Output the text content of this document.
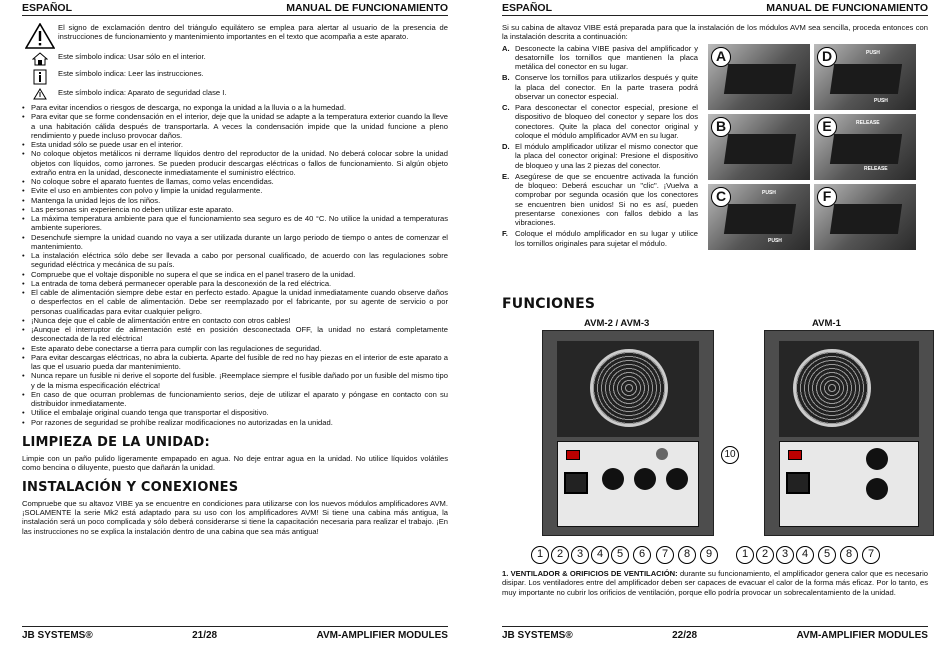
ESPAÑOL	MANUAL DE FUNCIONAMIENTO
El signo de exclamación dentro del triángulo equilátero se emplea para alertar al usuario de la presencia de instrucciones de funcionamiento y mantenimiento importantes en el texto que acompaña a este aparato.
Este símbolo indica: Usar sólo en el interior.
Este símbolo indica: Leer las instrucciones.
Este símbolo indica: Aparato de seguridad clase I.
• Para evitar incendios o riesgos de descarga, no exponga la unidad a la lluvia o a la humedad.
• Para evitar que se forme condensación en el interior, deje que la unidad se adapte a la temperatura exterior cuando la lleve a una habitación cálida después de transportarla. A veces la condensación impide que la unidad funcione a pleno rendimiento y puede incluso provocar daños.
• Esta unidad sólo se puede usar en el interior.
• No coloque objetos metálicos ni derrame líquidos dentro del reproductor de la unidad. No deberá colocar sobre la unidad objetos con líquidos, como jarrones. Se pueden producir descargas eléctricas o fallos de funcionamiento. Si algún objeto extraño entra en la unidad, desconecte inmediatamente el suministro eléctrico.
• No coloque sobre el aparato fuentes de llamas, como velas encendidas.
• Evite el uso en ambientes con polvo y limpie la unidad regularmente.
• Mantenga la unidad lejos de los niños.
• Las personas sin experiencia no deben utilizar este aparato.
• La máxima temperatura ambiente para que el funcionamiento sea seguro es de 40 °C. No utilice la unidad a temperaturas ambiente superiores.
• Desenchufe siempre la unidad cuando no vaya a ser utilizada durante un largo periodo de tiempo o antes de comenzar el mantenimiento.
• La instalación eléctrica sólo debe ser llevada a cabo por personal cualificado, de acuerdo con las regulaciones sobre seguridad eléctrica y mecánica de su país.
• Compruebe que el voltaje disponible no supera el que se indica en el panel trasero de la unidad.
• La entrada de toma deberá permanecer operable para la desconexión de la red eléctrica.
• El cable de alimentación siempre debe estar en perfecto estado. Apague la unidad inmediatamente cuando observe daños o desperfectos en el cable de alimentación. Debe ser reemplazado por el fabricante, por su agente de servicio o por personas cualificadas para evitar cualquier peligro.
• ¡Nunca deje que el cable de alimentación entre en contacto con otros cables!
• ¡Aunque el interruptor de alimentación esté en posición desconectada OFF, la unidad no estará completamente desconectada de la red eléctrica!
• Este aparato debe conectarse a tierra para cumplir con las regulaciones de seguridad.
• Para evitar descargas eléctricas, no abra la cubierta. Aparte del fusible de red no hay piezas en el interior de este aparato a las que el usuario pueda dar mantenimiento.
• Nunca repare un fusible ni derive el soporte del fusible. ¡Reemplace siempre el fusible dañado por un fusible del mismo tipo y de la misma especificación eléctrica!
• En caso de que ocurran problemas de funcionamiento serios, deje de utilizar el aparato y póngase en contacto con su distribuidor inmediatamente.
• Utilice el embalaje original cuando tenga que transportar el dispositivo.
• Por razones de seguridad se prohíbe realizar modificaciones no autorizadas en la unidad.
LIMPIEZA DE LA UNIDAD:

Limpie con un paño pulido ligeramente empapado en agua. No deje entrar agua en la unidad. No utilice líquidos volátiles como bencina o diluyente, puesto que dañarán la unidad.

INSTALACIÓN Y CONEXIONES

Compruebe que su altavoz VIBE ya se encuentre en condiciones para utilizarse con los nuevos módulos amplificadores AVM. ¡SOLAMENTE la serie Mk2 está adaptado para su uso con los amplificadores AVM! Si tiene una cabina más antigua, la instalación será un poco complicada y sólo deberá considerarse si tiene la capacitación necesaria para realizar el trabajo. ¡En las instrucciones no se explica la instalación dentro de una cabina que sea más antigua!

JB SYSTEMS®	21/28	AVM-AMPLIFIER MODULES
ESPAÑOL	MANUAL DE FUNCIONAMIENTO

Si su cabina de altavoz VIBE está preparada para que la instalación de los módulos AVM sea sencilla, proceda entonces con la instalación descrita a continuación:

A. Desconecte la cabina VIBE pasiva del amplificador y desatornille los tornillos que mantienen la placa metálica del conector en su lugar.
B. Conserve los tornillos para utilizarlos después y quite la placa del conector. En la parte trasera podrá observar un conector especial.
C. Para desconectar el conector especial, presione el dispositivo de bloqueo del conector y separe los dos conectores. Quite la placa del conector original y coloque el módulo amplificador AVM en su lugar.
D. El módulo amplificador utilizar el mismo conector que la placa del conector original: Presione el dispositivo de bloqueo y una las 2 piezas del conector.
E. Asegúrese de que se encuentre activada la función de bloqueo: Deberá escuchar un "clic". ¡Vuelva a comprobar por segunda ocasión que los conectores se encuentren bien unidos! Si no es así, pueden presentarse conexiones con fallos debido a las vibraciones.
F. Coloque el módulo amplificador en su lugar y utilice los tornillos originales para sujetar el módulo.
A	D	PUSH
PUSH
B	E	RELEASE
RELEASE
C	PUSH
PUSH
F
FUNCIONES
AVM-2 / AVM-3	AVM-1
10
1	2	3	4	5	6	7	8	9	1	2	3	4	5	8	7
1. VENTILADOR & ORIFICIOS DE VENTILACIÓN: durante su funcionamiento, el amplificador genera calor que es necesario disipar. Los ventiladores entre del amplificador deben ser capaces de evacuar el calor de la forma más eficaz. Por lo tanto, es muy importante no cubrir los orificios de ventilación, porque ello podría provocar un sobrecalentamiento de la unidad.
JB SYSTEMS®	22/28	AVM-AMPLIFIER MODULES
